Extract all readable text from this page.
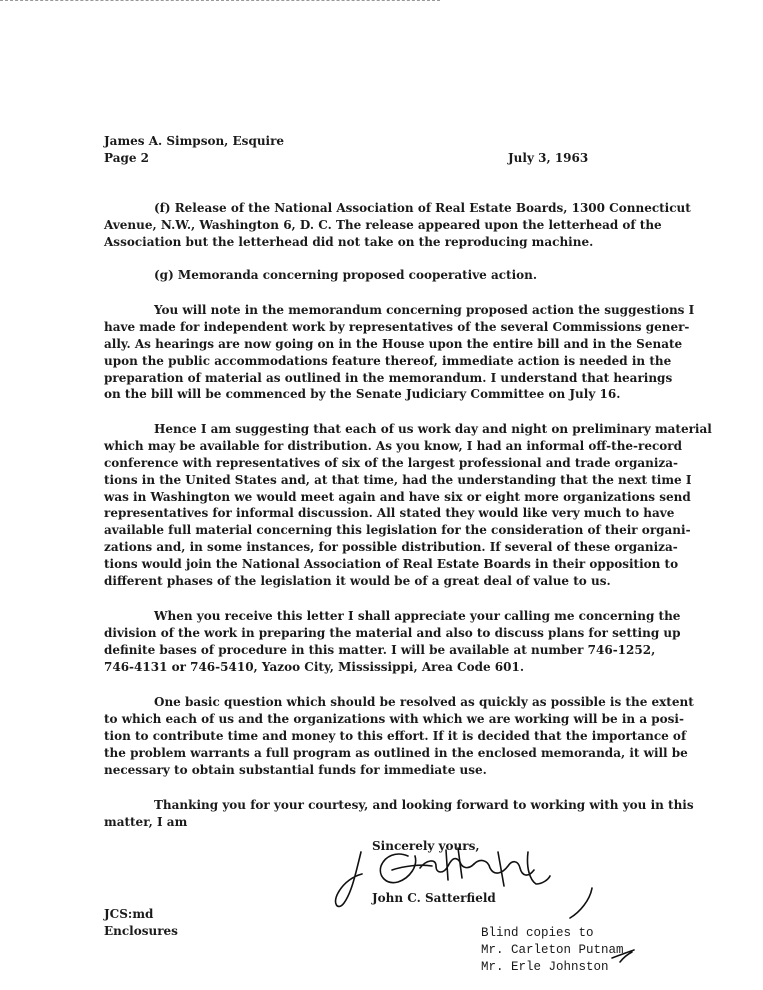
James A. Simpson, Esquire
Page 2	July 3, 1963
(f) Release of the National Association of Real Estate Boards, 1300 Connecticut
Avenue, N.W., Washington 6, D. C. The release appeared upon the letterhead of the
Association but the letterhead did not take on the reproducing machine.
(g) Memoranda concerning proposed cooperative action.
You will note in the memorandum concerning proposed action the suggestions I
have made for independent work by representatives of the several Commissions gener-
ally. As hearings are now going on in the House upon the entire bill and in the Senate
upon the public accommodations feature thereof, immediate action is needed in the
preparation of material as outlined in the memorandum. I understand that hearings
on the bill will be commenced by the Senate Judiciary Committee on July 16.
Hence I am suggesting that each of us work day and night on preliminary material
which may be available for distribution. As you know, I had an informal off-the-record
conference with representatives of six of the largest professional and trade organiza-
tions in the United States and, at that time, had the understanding that the next time I
was in Washington we would meet again and have six or eight more organizations send
representatives for informal discussion. All stated they would like very much to have
available full material concerning this legislation for the consideration of their organi-
zations and, in some instances, for possible distribution. If several of these organiza-
tions would join the National Association of Real Estate Boards in their opposition to
different phases of the legislation it would be of a great deal of value to us.
When you receive this letter I shall appreciate your calling me concerning the
division of the work in preparing the material and also to discuss plans for setting up
definite bases of procedure in this matter. I will be available at number 746-1252,
746-4131 or 746-5410, Yazoo City, Mississippi, Area Code 601.
One basic question which should be resolved as quickly as possible is the extent
to which each of us and the organizations with which we are working will be in a posi-
tion to contribute time and money to this effort. If it is decided that the importance of
the problem warrants a full program as outlined in the enclosed memoranda, it will be
necessary to obtain substantial funds for immediate use.
Thanking you for your courtesy, and looking forward to working with you in this
matter, I am
Sincerely yours,
John C. Satterfield
JCS:md
Enclosures	Blind copies to
Mr. Carleton Putnam
Mr. Erle Johnston
